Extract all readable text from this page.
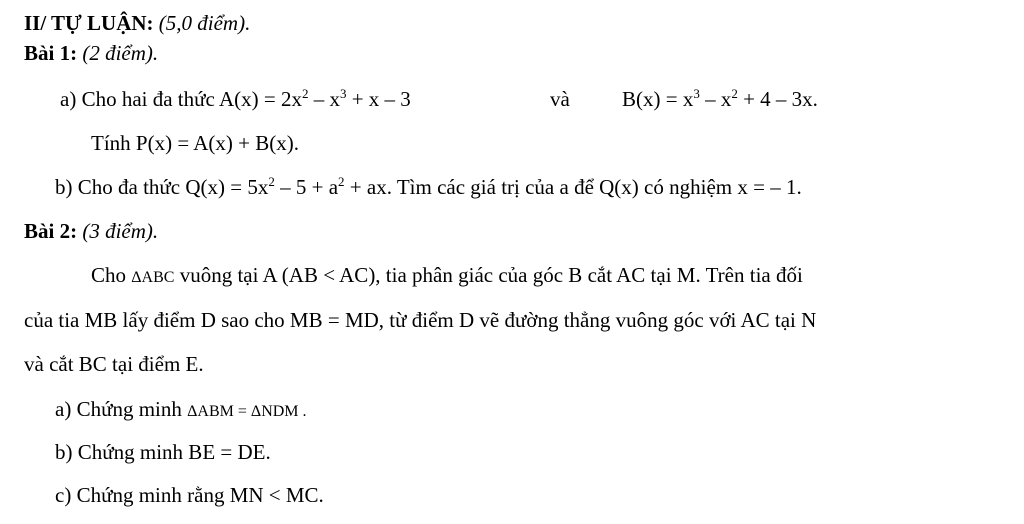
II/ TỰ LUẬN: (5,0 điểm).
Bài 1: (2 điểm).
a) Cho hai đa thức $A(x) = 2x^2 - x^3 + x - 3$	và $B(x) = x^3 - x^2 + 4 - 3x$.
Tính P(x) = A(x) + B(x).
b) Cho đa thức $Q(x) = 5x^2 - 5 + a^2$ + ax. Tìm các giá trị của a để Q(x) có nghiệm x = – 1.
Bài 2: (3 điểm).
Cho ΔABC vuông tại A (AB < AC), tia phân giác của góc B cắt AC tại M. Trên tia đối
của tia MB lấy điểm D sao cho MB = MD, từ điểm D vẽ đường thẳng vuông góc với AC tại N
và cắt BC tại điểm E.
a) Chứng minh ΔABM = ΔNDM .
b) Chứng minh BE = DE.
c) Chứng minh rằng MN < MC.
